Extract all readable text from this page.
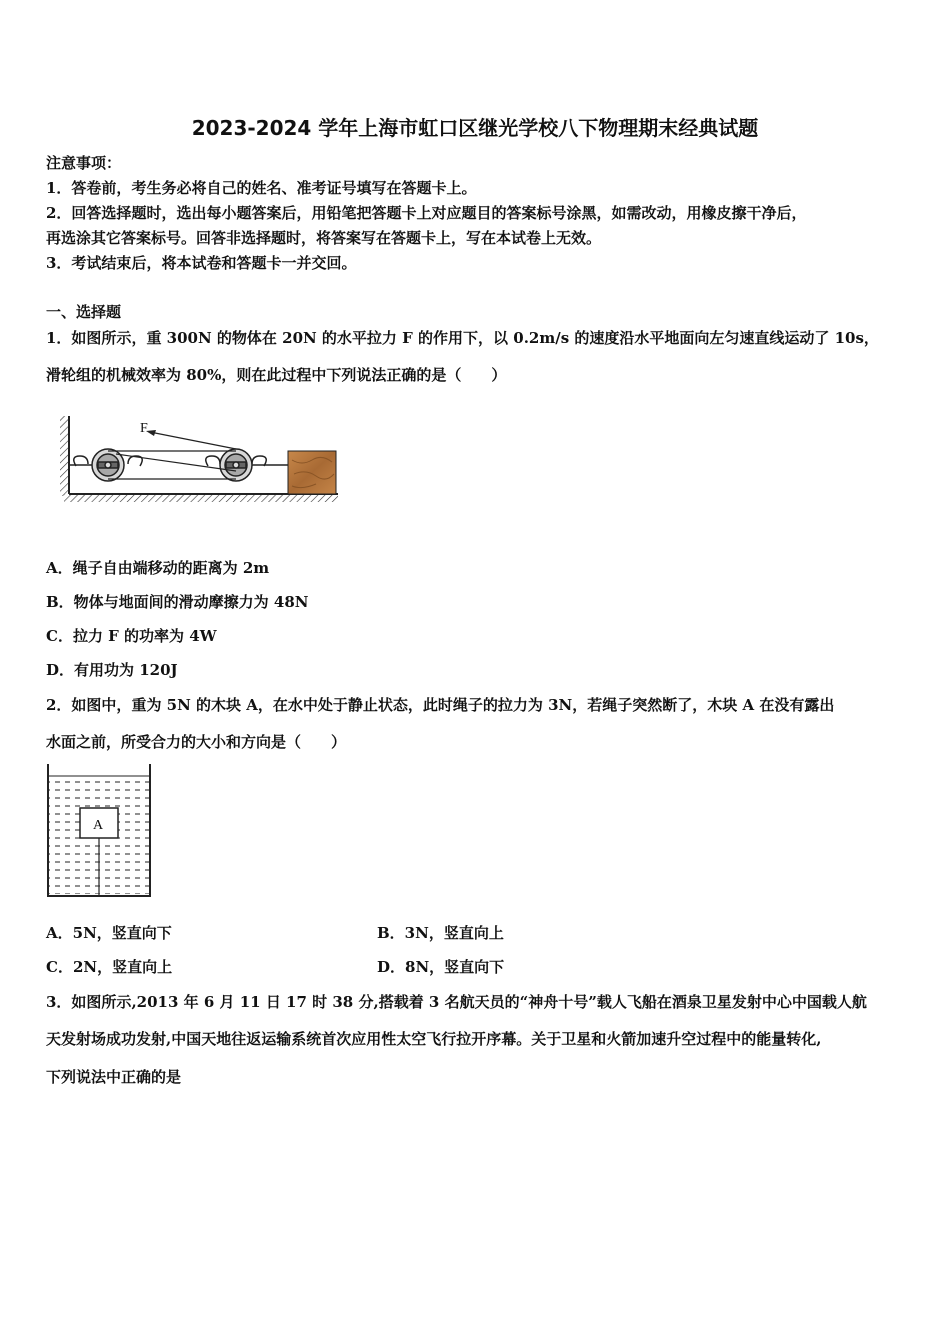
2023-2024 学年上海市虹口区继光学校八下物理期末经典试题
注意事项：
1．答卷前，考生务必将自己的姓名、准考证号填写在答题卡上。
2．回答选择题时，选出每小题答案后，用铅笔把答题卡上对应题目的答案标号涂黑，如需改动，用橡皮擦干净后，
再选涂其它答案标号。回答非选择题时，将答案写在答题卡上，写在本试卷上无效。
3．考试结束后，将本试卷和答题卡一并交回。
一、选择题
1．如图所示，重 300N 的物体在 20N 的水平拉力 F 的作用下，以 0.2m/s 的速度沿水平地面向左匀速直线运动了 10s，
滑轮组的机械效率为 80%，则在此过程中下列说法正确的是（　　）
F
A．绳子自由端移动的距离为 2m
B．物体与地面间的滑动摩擦力为 48N
C．拉力 F 的功率为 4W
D．有用功为 120J
2．如图中，重为 5N 的木块 A，在水中处于静止状态，此时绳子的拉力为 3N，若绳子突然断了，木块 A 在没有露出
水面之前，所受合力的大小和方向是（　　）
A
A．5N，竖直向下	B．3N，竖直向上
C．2N，竖直向上	D．8N，竖直向下
3．如图所示,2013 年 6 月 11 日 17 时 38 分,搭载着 3 名航天员的“神舟十号”载人飞船在酒泉卫星发射中心中国载人航
天发射场成功发射,中国天地往返运输系统首次应用性太空飞行拉开序幕。关于卫星和火箭加速升空过程中的能量转化,
下列说法中正确的是
